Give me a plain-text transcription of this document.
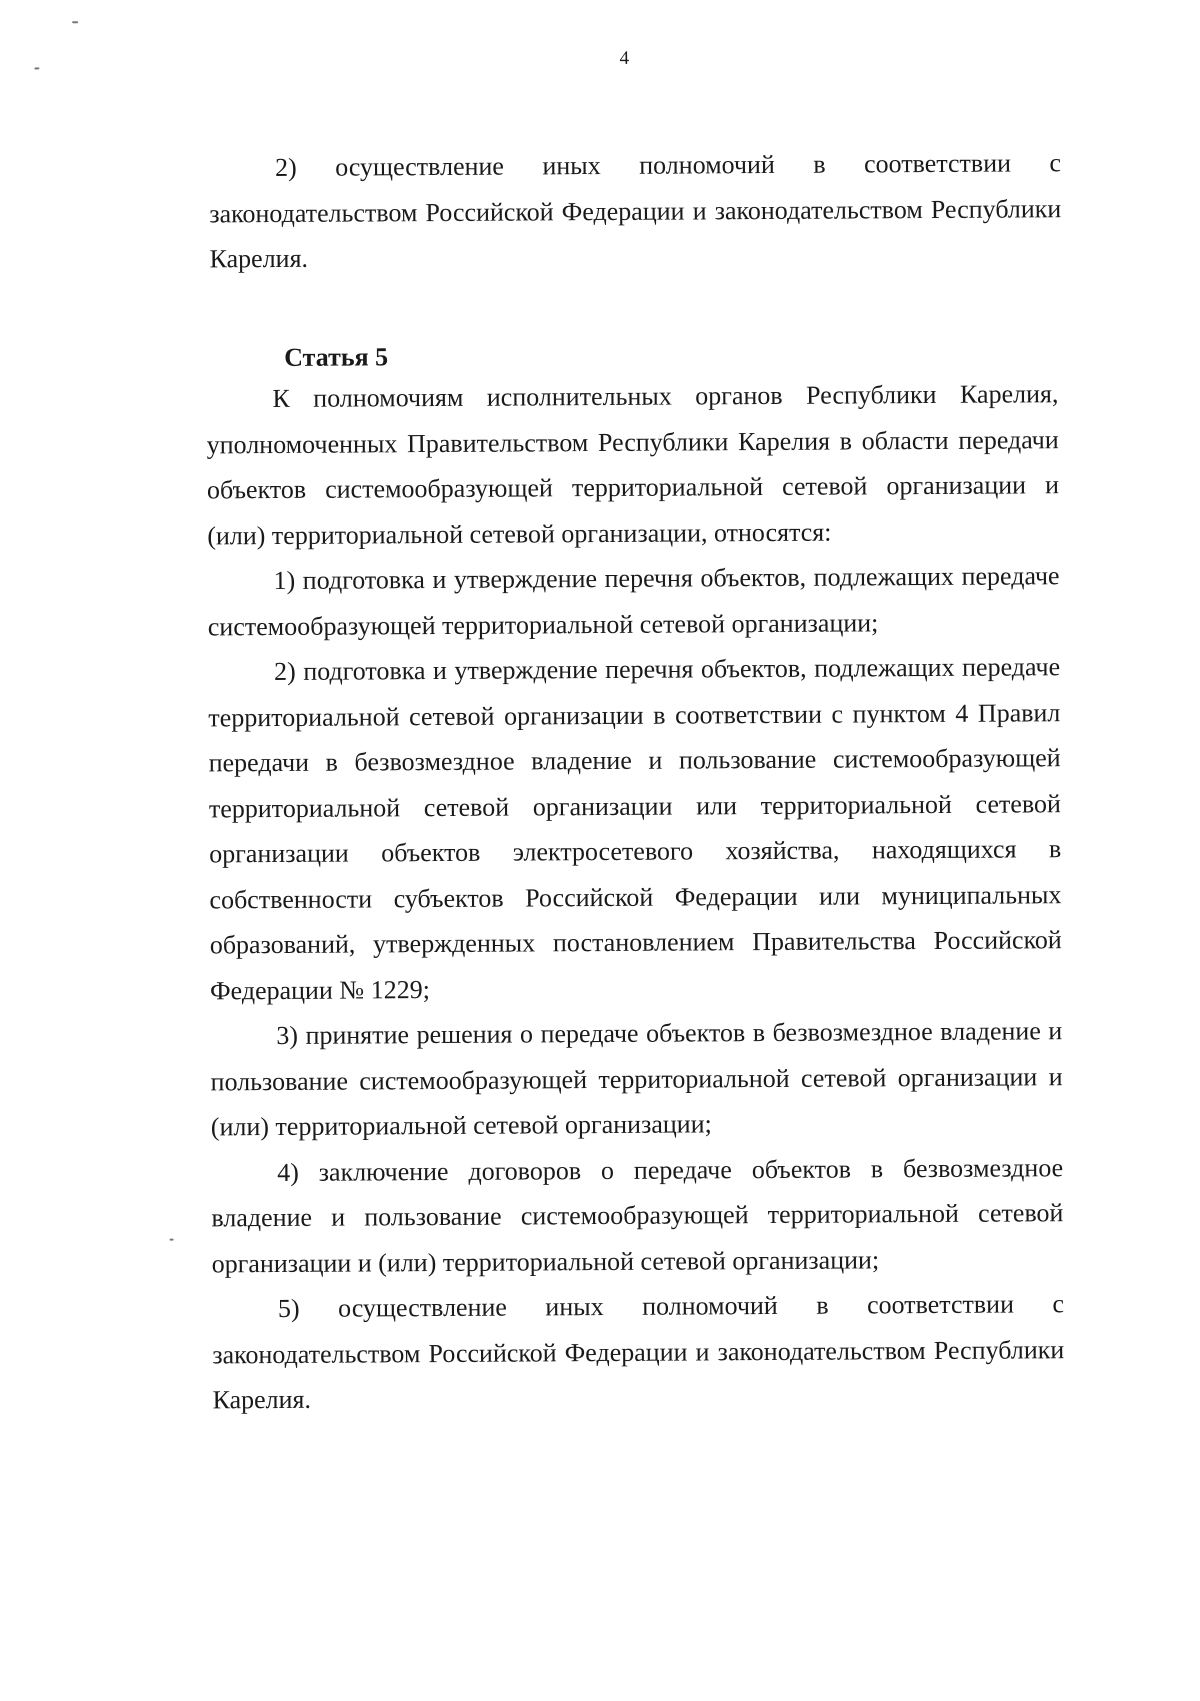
4

2) осуществление иных полномочий в соответствии с законодательством Российской Федерации и законодательством Республики Карелия.

Статья 5

К полномочиям исполнительных органов Республики Карелия, уполномоченных Правительством Республики Карелия в области передачи объектов системообразующей территориальной сетевой организации и (или) территориальной сетевой организации, относятся:

1) подготовка и утверждение перечня объектов, подлежащих передаче системообразующей территориальной сетевой организации;

2) подготовка и утверждение перечня объектов, подлежащих передаче территориальной сетевой организации в соответствии с пунктом 4 Правил передачи в безвозмездное владение и пользование системообразующей территориальной сетевой организации или территориальной сетевой организации объектов электросетевого хозяйства, находящихся в собственности субъектов Российской Федерации или муниципальных образований, утвержденных постановлением Правительства Российской Федерации № 1229;

3) принятие решения о передаче объектов в безвозмездное владение и пользование системообразующей территориальной сетевой организации и (или) территориальной сетевой организации;

4) заключение договоров о передаче объектов в безвозмездное владение и пользование системообразующей территориальной сетевой организации и (или) территориальной сетевой организации;

5) осуществление иных полномочий в соответствии с законодательством Российской Федерации и законодательством Республики Карелия.
